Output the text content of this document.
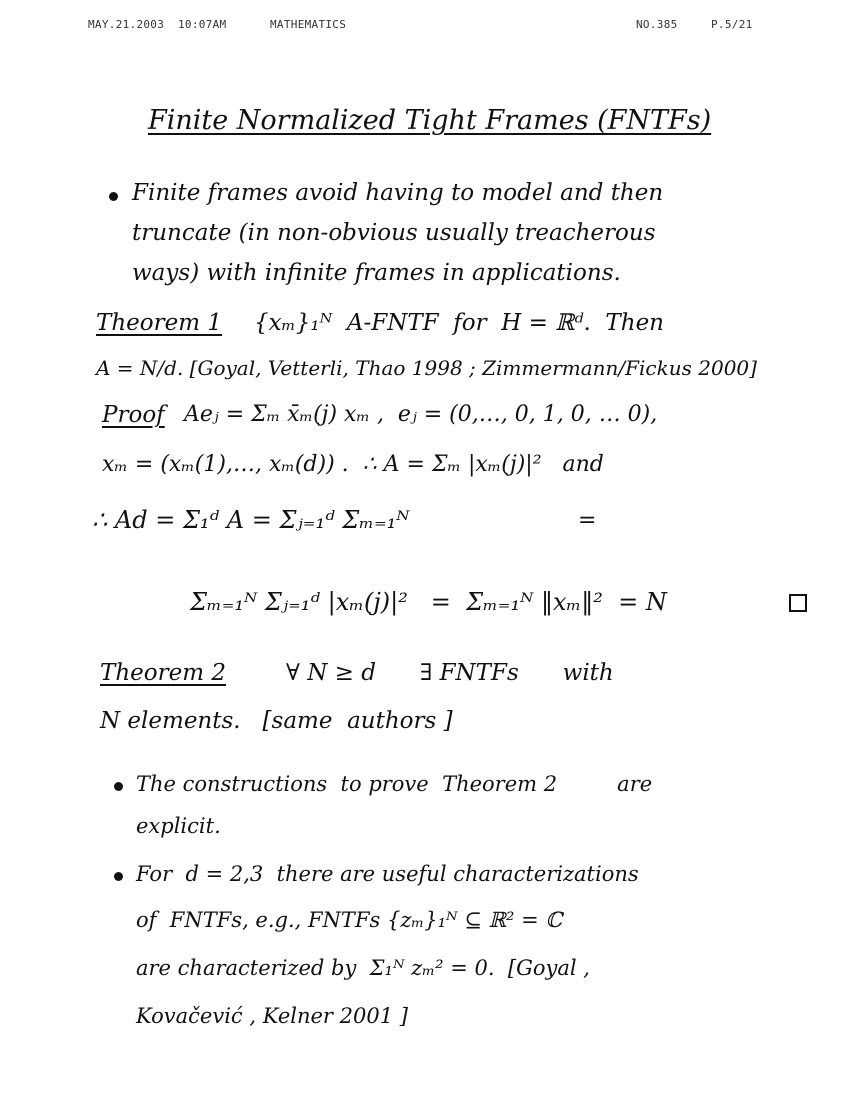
MAY.21.2003  10:07AM	MATHEMATICS	NO.385	P.5/21
Finite Normalized Tight Frames (FNTFs)
Finite frames avoid having to model and then
truncate (in non-obvious usually treacherous
ways) with infinite frames in applications.
Theorem 1 {xₘ}₁ᴺ  A-FNTF  for  H = ℝᵈ.  Then
A = N/d. [Goyal, Vetterli, Thao 1998 ; Zimmermann/Fickus 2000]
Proof Aeⱼ = Σₘ x̄ₘ(j) xₘ ,  eⱼ = (0,…, 0, 1, 0, … 0),
xₘ = (xₘ(1),…, xₘ(d)) .  ∴ A = Σₘ |xₘ(j)|²   and
∴ Ad = Σ₁ᵈ A = Σⱼ₌₁ᵈ Σₘ₌₁ᴺ	=
Σₘ₌₁ᴺ Σⱼ₌₁ᵈ |xₘ(j)|²   =  Σₘ₌₁ᴺ ‖xₘ‖²  = N
Theorem 2	∀ N ≥ d      ∃ FNTFs      with
N elements.   [same  authors ]
The constructions  to prove  Theorem 2         are
explicit.
For  d = 2,3  there are useful characterizations
of  FNTFs, e.g., FNTFs {zₘ}₁ᴺ ⊆ ℝ² = ℂ
are characterized by  Σ₁ᴺ zₘ² = 0.  [Goyal ,
Kovačević , Kelner 2001 ]
